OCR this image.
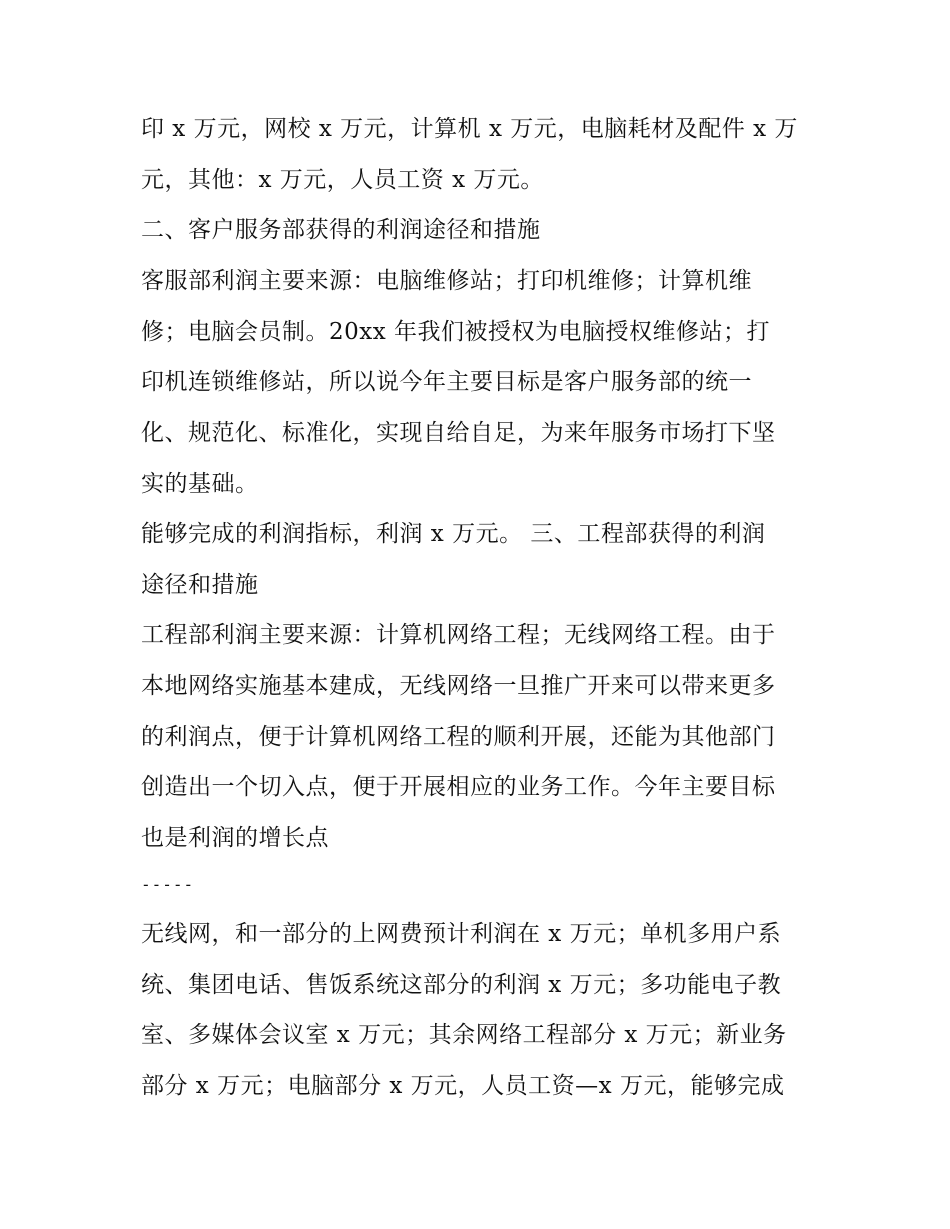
印 x 万元，网校 x 万元，计算机 x 万元，电脑耗材及配件 x 万
元，其他：x 万元，人员工资 x 万元。
二、客户服务部获得的利润途径和措施
客服部利润主要来源：电脑维修站；打印机维修；计算机维
修；电脑会员制。20xx 年我们被授权为电脑授权维修站；打
印机连锁维修站，所以说今年主要目标是客户服务部的统一
化、规范化、标准化，实现自给自足，为来年服务市场打下坚
实的基础。
能够完成的利润指标，利润 x 万元。 三、工程部获得的利润
途径和措施
工程部利润主要来源：计算机网络工程；无线网络工程。由于
本地网络实施基本建成，无线网络一旦推广开来可以带来更多
的利润点，便于计算机网络工程的顺利开展，还能为其他部门
创造出一个切入点，便于开展相应的业务工作。今年主要目标
也是利润的增长点
-----
无线网，和一部分的上网费预计利润在 x 万元；单机多用户系
统、集团电话、售饭系统这部分的利润 x 万元；多功能电子教
室、多媒体会议室 x 万元；其余网络工程部分 x 万元；新业务
部分 x 万元；电脑部分 x 万元，人员工资—x 万元，能够完成
